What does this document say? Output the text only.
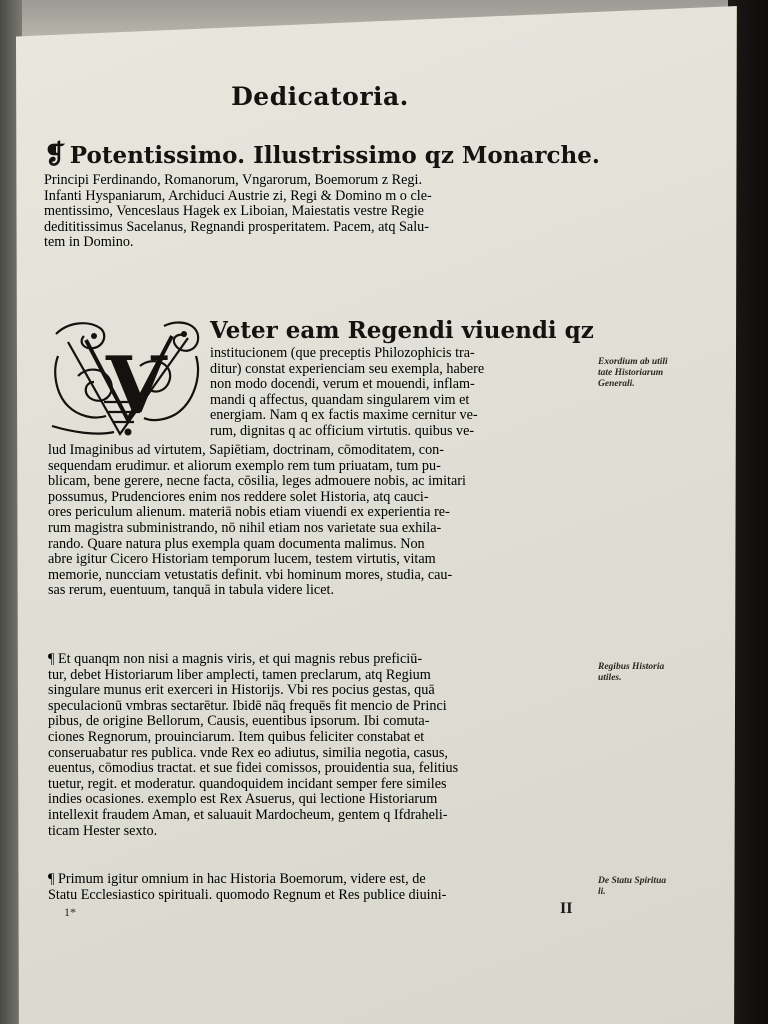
Dedicatoria.
❡ Potentissimo. Illustrissimo qz Monarche.
Principi Ferdinando, Romanorum, Vngarorum, Boemorum z Regi.
Infanti Hyspaniarum, Archiduci Austrie zi, Regi & Domino m o cle-
mentissimo, Venceslaus Hagek ex Liboian, Maiestatis vestre Regie
dedititissimus Sacelanus, Regnandi prosperitatem. Pacem, atq Salu-
tem in Domino.
V
Veter eam Regendi viuendi qz
institucionem (que preceptis Philozophicis tra-
ditur) constat experienciam seu exempla, habere
non modo docendi, verum et mouendi, inflam-
mandi q affectus, quandam singularem vim et
energiam. Nam q ex factis maxime cernitur ve-
rum, dignitas q ac officium virtutis. quibus ve-
lud Imaginibus ad virtutem, Sapiētiam, doctrinam, cōmoditatem, con-
sequendam erudimur. et aliorum exemplo rem tum priuatam, tum pu-
blicam, bene gerere, necne facta, cōsilia, leges admouere nobis, ac imitari
possumus, Prudenciores enim nos reddere solet Historia, atq cauci-
ores periculum alienum. materiā nobis etiam viuendi ex experientia re-
rum magistra subministrando, nō nihil etiam nos varietate sua exhila-
rando. Quare natura plus exempla quam documenta malimus. Non
abre igitur Cicero Historiam temporum lucem, testem virtutis, vitam
memorie, nuncciam vetustatis definit. vbi hominum mores, studia, cau-
sas rerum, euentuum, tanquā in tabula videre licet.
¶ Et quanqm non nisi a magnis viris, et qui magnis rebus preficiū-
tur, debet Historiarum liber amplecti, tamen preclarum, atq Regium
singulare munus erit exerceri in Historijs. Vbi res pocius gestas, quā
speculacionū vmbras sectarētur. Ibidē nāq frequēs fit mencio de Princi
pibus, de origine Bellorum, Causis, euentibus ipsorum. Ibi comuta-
ciones Regnorum, prouinciarum. Item quibus feliciter constabat et
conseruabatur res publica. vnde Rex eo adiutus, similia negotia, casus,
euentus, cōmodius tractat. et sue fidei comissos, prouidentia sua, felitius
tuetur, regit. et moderatur. quandoquidem incidant semper fere similes
indies ocasiones. exemplo est Rex Asuerus, qui lectione Historiarum
intellexit fraudem Aman, et saluauit Mardocheum, gentem q Ifdraheli-
ticam Hester sexto.
¶ Primum igitur omnium in hac Historia Boemorum, videre est, de
Statu Ecclesiastico spirituali. quomodo Regnum et Res publice diuini-
Exordium ab utili
tate Historiarum
Generali.
Regibus Historia
utiles.
De Statu Spiritua
li.
1*	II
